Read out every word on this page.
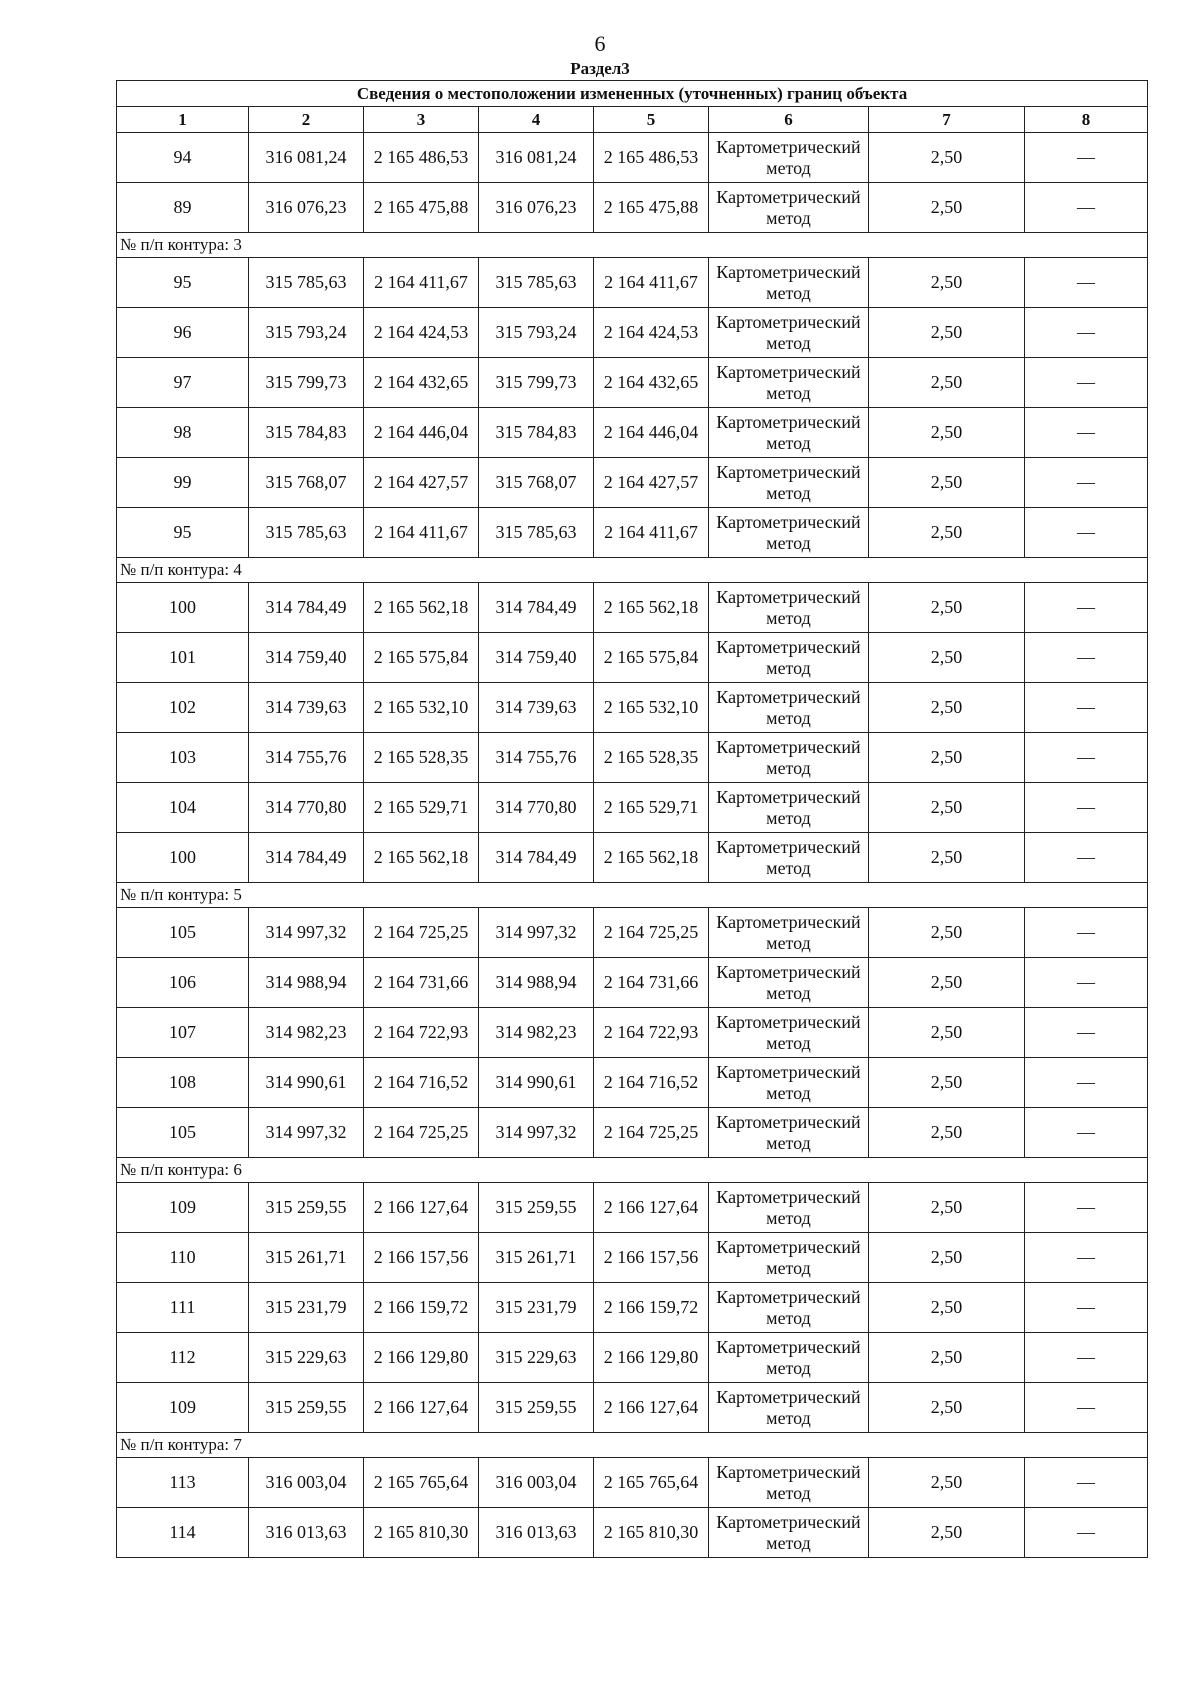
6
Раздел3
Сведения о местоположении измененных (уточненных) границ объекта							
1	2	3	4	5	6	7	8
94	316 081,24	2 165 486,53	316 081,24	2 165 486,53	Картометрический метод	2,50	—
89	316 076,23	2 165 475,88	316 076,23	2 165 475,88	Картометрический метод	2,50	—
№ п/п контура: 3							
95	315 785,63	2 164 411,67	315 785,63	2 164 411,67	Картометрический метод	2,50	—
96	315 793,24	2 164 424,53	315 793,24	2 164 424,53	Картометрический метод	2,50	—
97	315 799,73	2 164 432,65	315 799,73	2 164 432,65	Картометрический метод	2,50	—
98	315 784,83	2 164 446,04	315 784,83	2 164 446,04	Картометрический метод	2,50	—
99	315 768,07	2 164 427,57	315 768,07	2 164 427,57	Картометрический метод	2,50	—
95	315 785,63	2 164 411,67	315 785,63	2 164 411,67	Картометрический метод	2,50	—
№ п/п контура: 4							
100	314 784,49	2 165 562,18	314 784,49	2 165 562,18	Картометрический метод	2,50	—
101	314 759,40	2 165 575,84	314 759,40	2 165 575,84	Картометрический метод	2,50	—
102	314 739,63	2 165 532,10	314 739,63	2 165 532,10	Картометрический метод	2,50	—
103	314 755,76	2 165 528,35	314 755,76	2 165 528,35	Картометрический метод	2,50	—
104	314 770,80	2 165 529,71	314 770,80	2 165 529,71	Картометрический метод	2,50	—
100	314 784,49	2 165 562,18	314 784,49	2 165 562,18	Картометрический метод	2,50	—
№ п/п контура: 5							
105	314 997,32	2 164 725,25	314 997,32	2 164 725,25	Картометрический метод	2,50	—
106	314 988,94	2 164 731,66	314 988,94	2 164 731,66	Картометрический метод	2,50	—
107	314 982,23	2 164 722,93	314 982,23	2 164 722,93	Картометрический метод	2,50	—
108	314 990,61	2 164 716,52	314 990,61	2 164 716,52	Картометрический метод	2,50	—
105	314 997,32	2 164 725,25	314 997,32	2 164 725,25	Картометрический метод	2,50	—
№ п/п контура: 6							
109	315 259,55	2 166 127,64	315 259,55	2 166 127,64	Картометрический метод	2,50	—
110	315 261,71	2 166 157,56	315 261,71	2 166 157,56	Картометрический метод	2,50	—
111	315 231,79	2 166 159,72	315 231,79	2 166 159,72	Картометрический метод	2,50	—
112	315 229,63	2 166 129,80	315 229,63	2 166 129,80	Картометрический метод	2,50	—
109	315 259,55	2 166 127,64	315 259,55	2 166 127,64	Картометрический метод	2,50	—
№ п/п контура: 7							
113	316 003,04	2 165 765,64	316 003,04	2 165 765,64	Картометрический метод	2,50	—
114	316 013,63	2 165 810,30	316 013,63	2 165 810,30	Картометрический метод	2,50	—
